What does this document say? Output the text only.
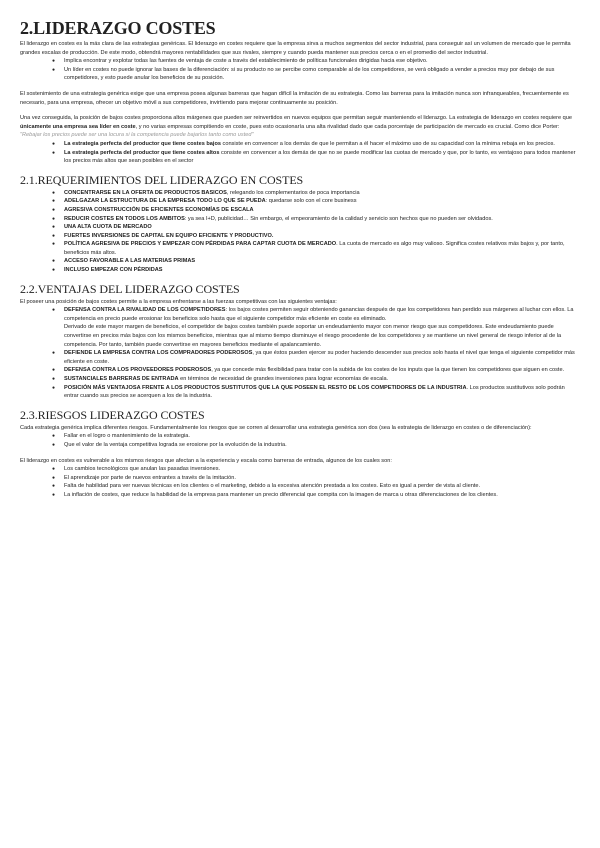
2.LIDERAZGO COSTES

El liderazgo en costes es la más clara de las estrategias genéricas. El liderazgo en costes requiere que la empresa sirva a muchos segmentos del sector industrial, para conseguir así un volumen de mercado que le permita grandes escalas de producción. De este modo, obtendrá mayores rentabilidades que sus rivales, siempre y cuando pueda mantener sus precios cerca o en el promedio del sector industrial.

● Implica encontrar y explotar todas las fuentes de ventaja de coste a través del establecimiento de políticas funcionales dirigidas hacia ese objetivo.
● Un líder en costes no puede ignorar las bases de la diferenciación: si su producto no se percibe como comparable al de los competidores, se verá obligado a vender a precios muy por debajo de sus competidores, y esto puede anular los beneficios de su posición.

El sostenimiento de una estrategia genérica exige que una empresa posea algunas barreras que hagan difícil la imitación de su estrategia. Como las barreras para la imitación nunca son infranqueables, frecuentemente es necesario, para una empresa, ofrecer un objetivo móvil a sus competidores, invirtiendo para mejorar continuamente su posición.

Una vez conseguida, la posición de bajos costes proporciona altos márgenes que pueden ser reinvertidos en nuevos equipos que permitan seguir manteniendo el liderazgo. La estrategia de liderazgo en costes requiere que únicamente una empresa sea líder en coste, y no varias empresas compitiendo en coste, pues esto ocasionaría una alta rivalidad dado que cada porcentaje de participación de mercado es crucial. Como dice Porter: "Rebajar los precios puede ser una locura si la competencia puede bajarlos tanto como usted"

● La estrategia perfecta del productor que tiene costes bajos consiste en convencer a los demás de que le permitan a él hacer el máximo uso de su capacidad con la mínima rebaja en los precios.
● La estrategia perfecta del productor que tiene costes altos consiste en convencer a los demás de que no se puede modificar las cuotas de mercado y que, por lo tanto, es ventajoso para todos mantener los precios más altos que sean posibles en el sector
2.1.REQUERIMIENTOS DEL LIDERAZGO EN COSTES
● CONCENTRARSE EN LA OFERTA DE PRODUCTOS BASICOS, relegando los complementarios de poca importancia
● ADELGAZAR LA ESTRUCTURA DE LA EMPRESA TODO LO QUE SE PUEDA: quedarse solo con el core business
● AGRESIVA CONSTRUCCIÓN DE EFICIENTES ECONOMÍAS DE ESCALA
● REDUCIR COSTES EN TODOS LOS AMBITOS: ya sea I+D, publicidad… Sin embargo, el empeoramiento de la calidad y servicio son hechos que no pueden ser olvidados.
● UNA ALTA CUOTA DE MERCADO
● FUERTES INVERSIONES DE CAPITAL EN EQUIPO EFICIENTE Y PRODUCTIVO.
● POLÍTICA AGRESIVA DE PRECIOS Y EMPEZAR CON PÉRDIDAS PARA CAPTAR CUOTA DE MERCADO. La cuota de mercado es algo muy valioso. Significa costes relativos más bajos y, por tanto, beneficios más altos.
● ACCESO FAVORABLE A LAS MATERIAS PRIMAS
● INCLUSO EMPEZAR CON PÉRDIDAS
2.2.VENTAJAS DEL LIDERAZGO COSTES

El poseer una posición de bajos costes permite a la empresa enfrentarse a las fuerzas competitivas con las siguientes ventajas:

● DEFENSA CONTRA LA RIVALIDAD DE LOS COMPETIDORES: los bajos costes permiten seguir obteniendo ganancias después de que los competidores han perdido sus márgenes al luchar con ellos. La competencia en precio puede erosionar los beneficios solo hasta que el siguiente competidor más eficiente en coste es eliminado.

Derivado de este mayor margen de beneficios, el competidor de bajos costes también puede soportar un endeudamiento mayor con menor riesgo que sus competidores. Este endeudamiento puede convertirse en precios más bajos con los mismos beneficios, mientras que al mismo tiempo disminuye el riesgo procedente de los competidores y se mantiene un nivel general de riesgo inferior al de la competencia. Por tanto, también puede convertirse en mayores beneficios mediante el apalancamiento.

● DEFIENDE LA EMPRESA CONTRA LOS COMPRADORES PODEROSOS, ya que éstos pueden ejercer su poder haciendo descender sus precios solo hasta el nivel que tenga el siguiente competidor más eficiente en coste.
● DEFENSA CONTRA LOS PROVEEDORES PODEROSOS, ya que concede más flexibilidad para tratar con la subida de los costes de los inputs que la que tienen los competidores que siguen en coste.
● SUSTANCIALES BARRERAS DE ENTRADA en términos de necesidad de grandes inversiones para lograr economías de escala.
● POSICIÓN MÁS VENTAJOSA FRENTE A LOS PRODUCTOS SUSTITUTOS QUE LA QUE POSEEN EL RESTO DE LOS COMPETIDORES DE LA INDUSTRIA. Los productos sustitutivos solo podrán entrar cuando sus precios se acerquen a los de la industria.
2.3.RIESGOS LIDERAZGO COSTES

Cada estrategia genérica implica diferentes riesgos. Fundamentalmente los riesgos que se corren al desarrollar una estrategia genérica son dos (sea la estrategia de liderazgo en costes o de diferenciación):

● Fallar en el logro o mantenimiento de la estrategia.
● Que el valor de la ventaja competitiva lograda se erosione por la evolución de la industria.

El liderazgo en costes es vulnerable a los mismos riesgos que afectan a la experiencia y escala como barreras de entrada, algunos de los cuales son:

● Los cambios tecnológicos que anulan las pasadas inversiones.
● El aprendizaje por parte de nuevos entrantes a través de la imitación.
● Falta de habilidad para ver nuevas técnicas en los clientes o el marketing, debido a la excesiva atención prestada a los costes. Esto es igual a perder de vista al cliente.
● La inflación de costes, que reduce la habilidad de la empresa para mantener un precio diferencial que compita con la imagen de marca u otras diferenciaciones de los clientes.
